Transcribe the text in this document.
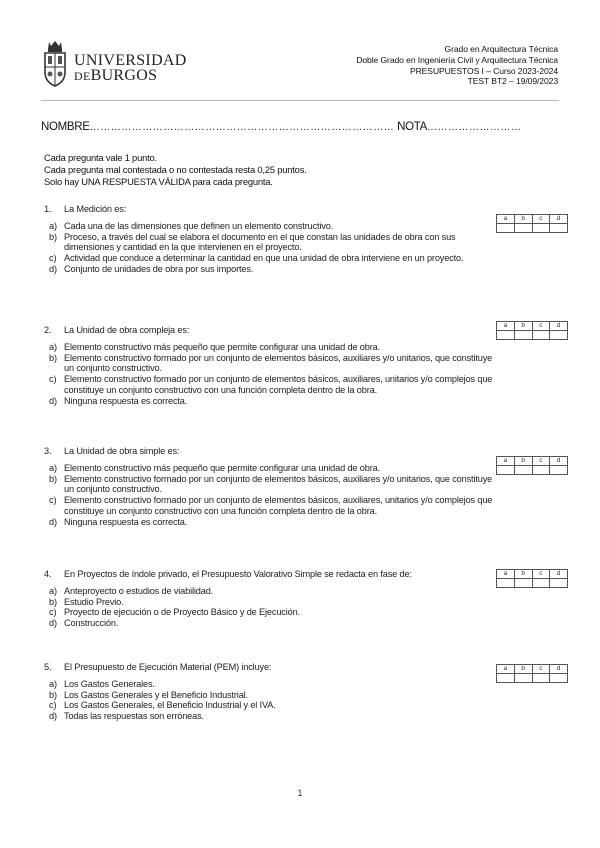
UNIVERSIDAD
DEBURGOS
Grado en Arquitectura Técnica
Doble Grado en Ingeniería Civil y Arquitectura Técnica
PRESUPUESTOS I – Curso 2023-2024
TEST BT2 – 19/09/2023
NOMBRE…………………………………………………………………………… NOTA………………………
Cada pregunta vale 1 punto.
Cada pregunta mal contestada o no contestada resta 0,25 puntos.
Solo hay UNA RESPUESTA VÁLIDA para cada pregunta.
1.	La Medición es:
a) Cada una de las dimensiones que definen un elemento constructivo.
b) Proceso, a través del cual se elabora el documento en el que constan las unidades de obra con sus dimensiones y cantidad en la que intervienen en el proyecto.
c) Actividad que conduce a determinar la cantidad en que una unidad de obra interviene en un proyecto.
d) Conjunto de unidades de obra por sus importes.
a	b	c	d

2.	La Unidad de obra compleja es:
a) Elemento constructivo más pequeño que permite configurar una unidad de obra.
b) Elemento constructivo formado por un conjunto de elementos básicos, auxiliares y/o unitarios, que constituye un conjunto constructivo.
c) Elemento constructivo formado por un conjunto de elementos básicos, auxiliares, unitarios y/o complejos que constituye un conjunto constructivo con una función completa dentro de la obra.
d) Ninguna respuesta es correcta.
a	b	c	d

3.	La Unidad de obra simple es:
a) Elemento constructivo más pequeño que permite configurar una unidad de obra.
b) Elemento constructivo formado por un conjunto de elementos básicos, auxiliares y/o unitarios, que constituye un conjunto constructivo.
c) Elemento constructivo formado por un conjunto de elementos básicos, auxiliares, unitarios y/o complejos que constituye un conjunto constructivo con una función completa dentro de la obra.
d) Ninguna respuesta es correcta.
a	b	c	d

4.	En Proyectos de índole privado, el Presupuesto Valorativo Simple se redacta en fase de:
a) Anteproyecto o estudios de viabilidad.
b) Estudio Previo.
c) Proyecto de ejecución o de Proyecto Básico y de Ejecución.
d) Construcción.
a	b	c	d

5.	El Presupuesto de Ejecución Material (PEM) incluye:
a) Los Gastos Generales.
b) Los Gastos Generales y el Beneficio Industrial.
c) Los Gastos Generales, el Beneficio Industrial y el IVA.
d) Todas las respuestas son erróneas.
a	b	c	d

1
